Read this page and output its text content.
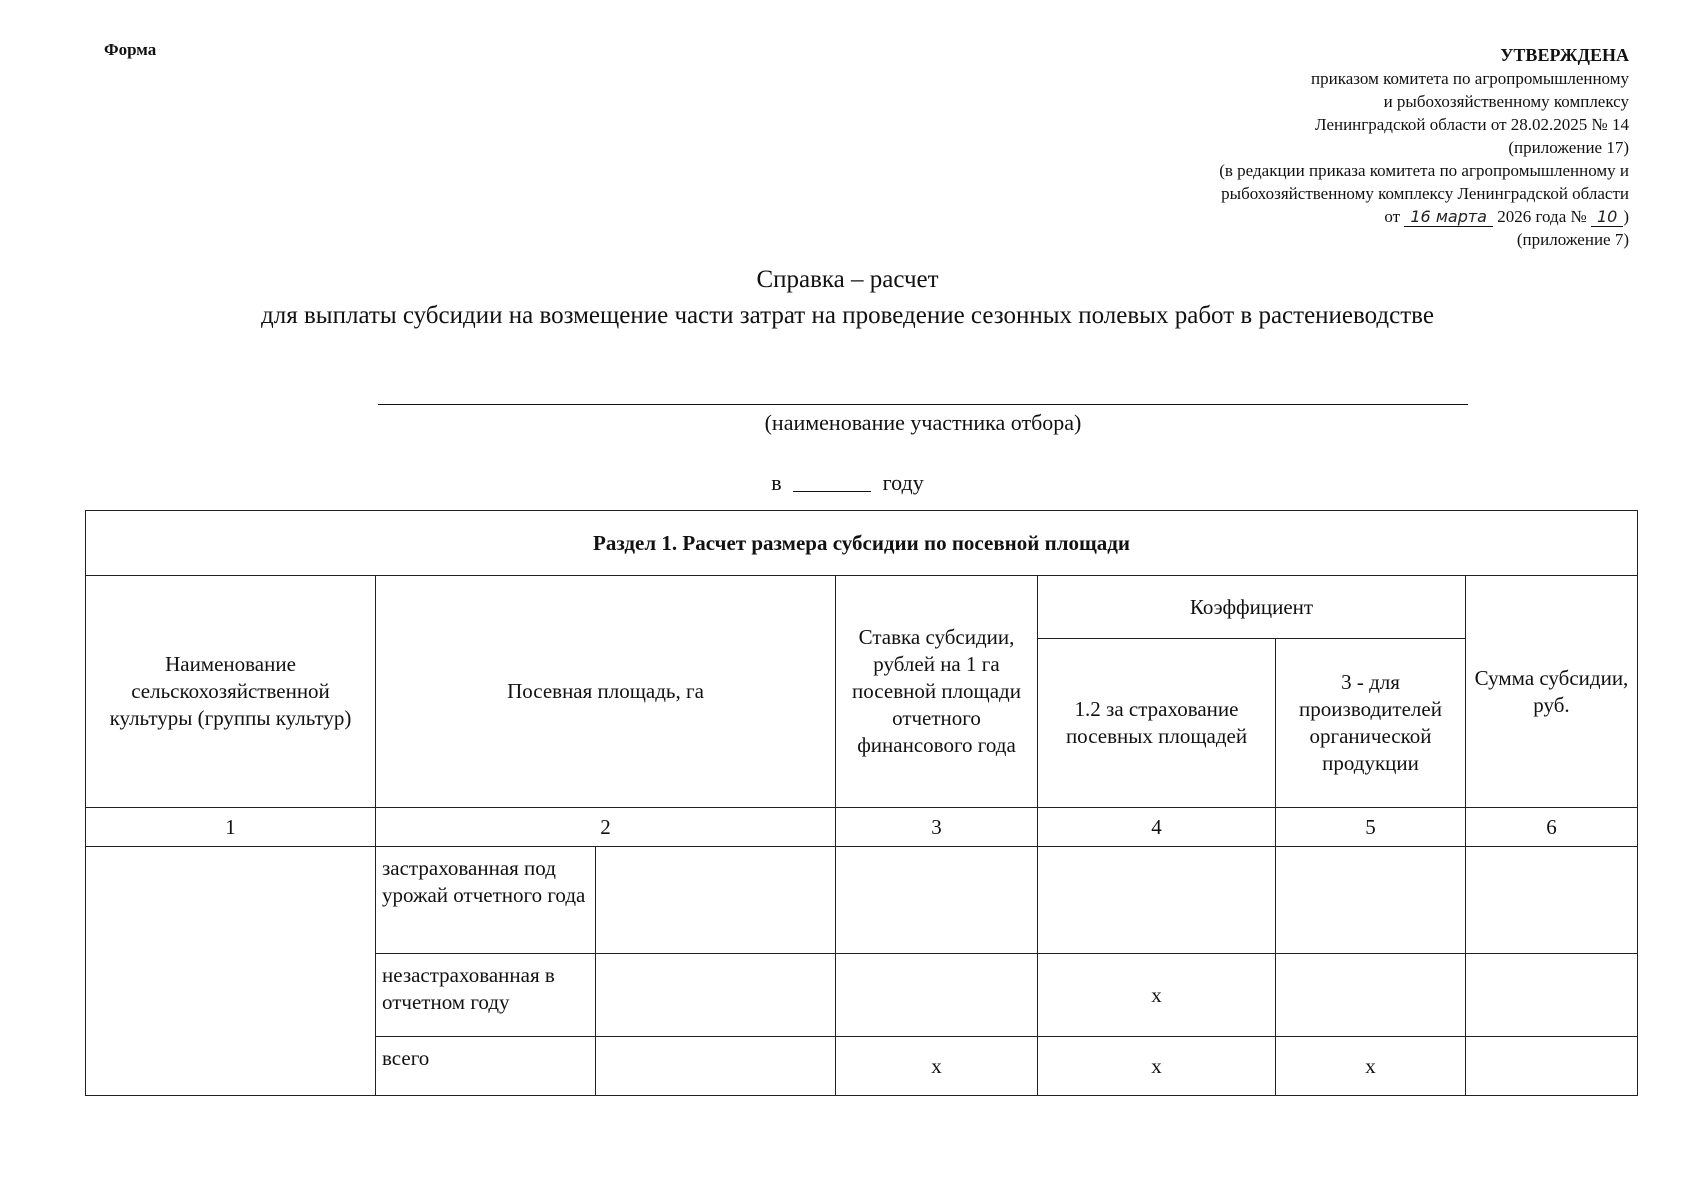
Форма	УТВЕРЖДЕНА
приказом комитета по агропромышленному
и рыбохозяйственному комплексу
Ленинградской области от 28.02.2025 № 14
(приложение 17)
(в редакции приказа комитета по агропромышленному и
рыбохозяйственному комплексу Ленинградской области
от 16 марта 2026 года № 10 )
(приложение 7)
Справка – расчет
для выплаты субсидии на возмещение части затрат на проведение сезонных полевых работ в растениеводстве
(наименование участника отбора)
в	году
Раздел 1. Расчет размера субсидии по посевной площади						
Наименование сельскохозяйственной культуры (группы культур)	Посевная площадь, га		Ставка субсидии, рублей на 1 га посевной площади отчетного финансового года	Коэффициент		Сумма субсидии, руб.
				1.2 за страхование посевных площадей	3 - для производителей органической продукции	
1	2		3	4	5	6
	застрахованная под урожай отчетного года					
	незастрахованная в отчетном году			х		
	всего		х	х	х	
